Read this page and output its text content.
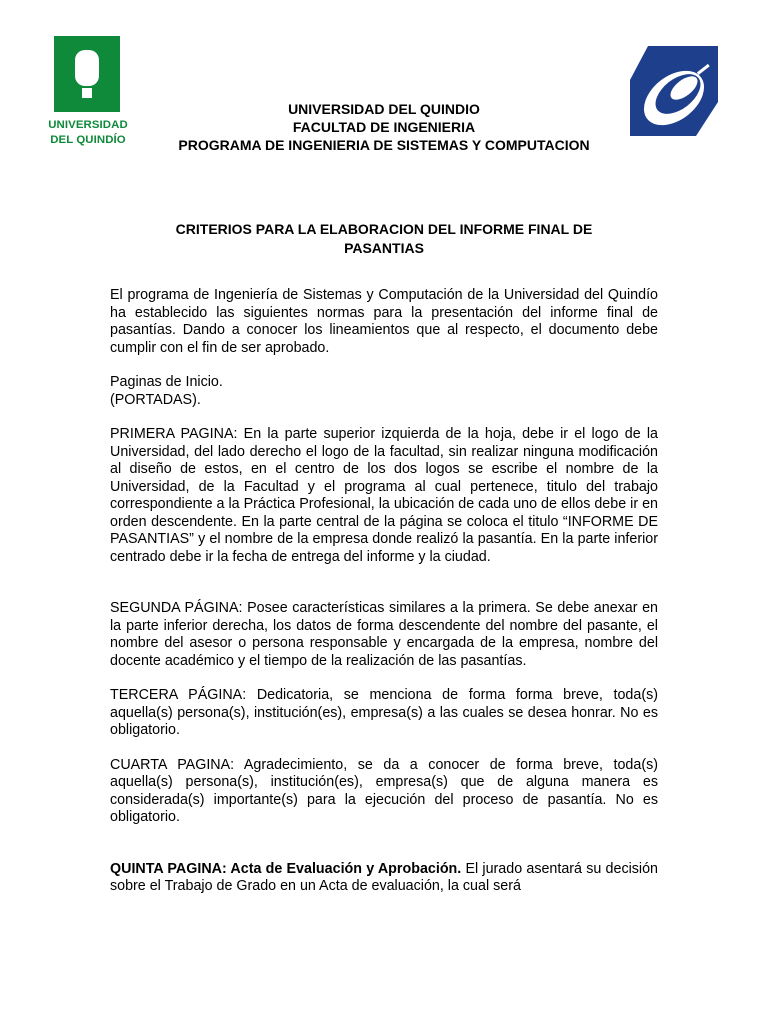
UNIVERSIDAD
DEL QUINDÍO
UNIVERSIDAD DEL QUINDIO
FACULTAD DE INGENIERIA
PROGRAMA DE INGENIERIA DE SISTEMAS Y COMPUTACION
CRITERIOS PARA LA ELABORACION DEL INFORME FINAL DE
PASANTIAS

El programa de Ingeniería de Sistemas y Computación de la Universidad del Quindío ha establecido las siguientes normas para la presentación del informe final de pasantías. Dando a conocer los lineamientos que al respecto, el documento debe cumplir con el fin de ser aprobado.

Paginas de Inicio.

(PORTADAS).

PRIMERA PAGINA: En la parte superior izquierda de la hoja, debe ir el logo de la Universidad, del lado derecho el logo de la facultad, sin realizar ninguna modificación al diseño de estos, en el centro de los dos logos se escribe el nombre de la Universidad, de la Facultad y el programa al cual pertenece, titulo del trabajo correspondiente a la Práctica Profesional, la ubicación de cada uno de ellos debe ir en orden descendente. En la parte central de la página se coloca el titulo “INFORME DE PASANTIAS” y el nombre de la empresa donde realizó la pasantía. En la parte inferior centrado debe ir la fecha de entrega del informe y la ciudad.

SEGUNDA PÁGINA: Posee características similares a la primera. Se debe anexar en la parte inferior derecha, los datos de forma descendente del nombre del pasante, el nombre del asesor o persona responsable y encargada de la empresa, nombre del docente académico y el tiempo de la realización de las pasantías.

TERCERA PÁGINA: Dedicatoria, se menciona de forma forma breve, toda(s) aquella(s) persona(s), institución(es), empresa(s) a las cuales se desea honrar. No es obligatorio.

CUARTA PAGINA: Agradecimiento, se da a conocer de forma breve, toda(s) aquella(s) persona(s), institución(es), empresa(s) que de alguna manera es considerada(s) importante(s) para la ejecución del proceso de pasantía. No es obligatorio.

QUINTA PAGINA: Acta de Evaluación y Aprobación. El jurado asentará su decisión sobre el Trabajo de Grado en un Acta de evaluación, la cual será
